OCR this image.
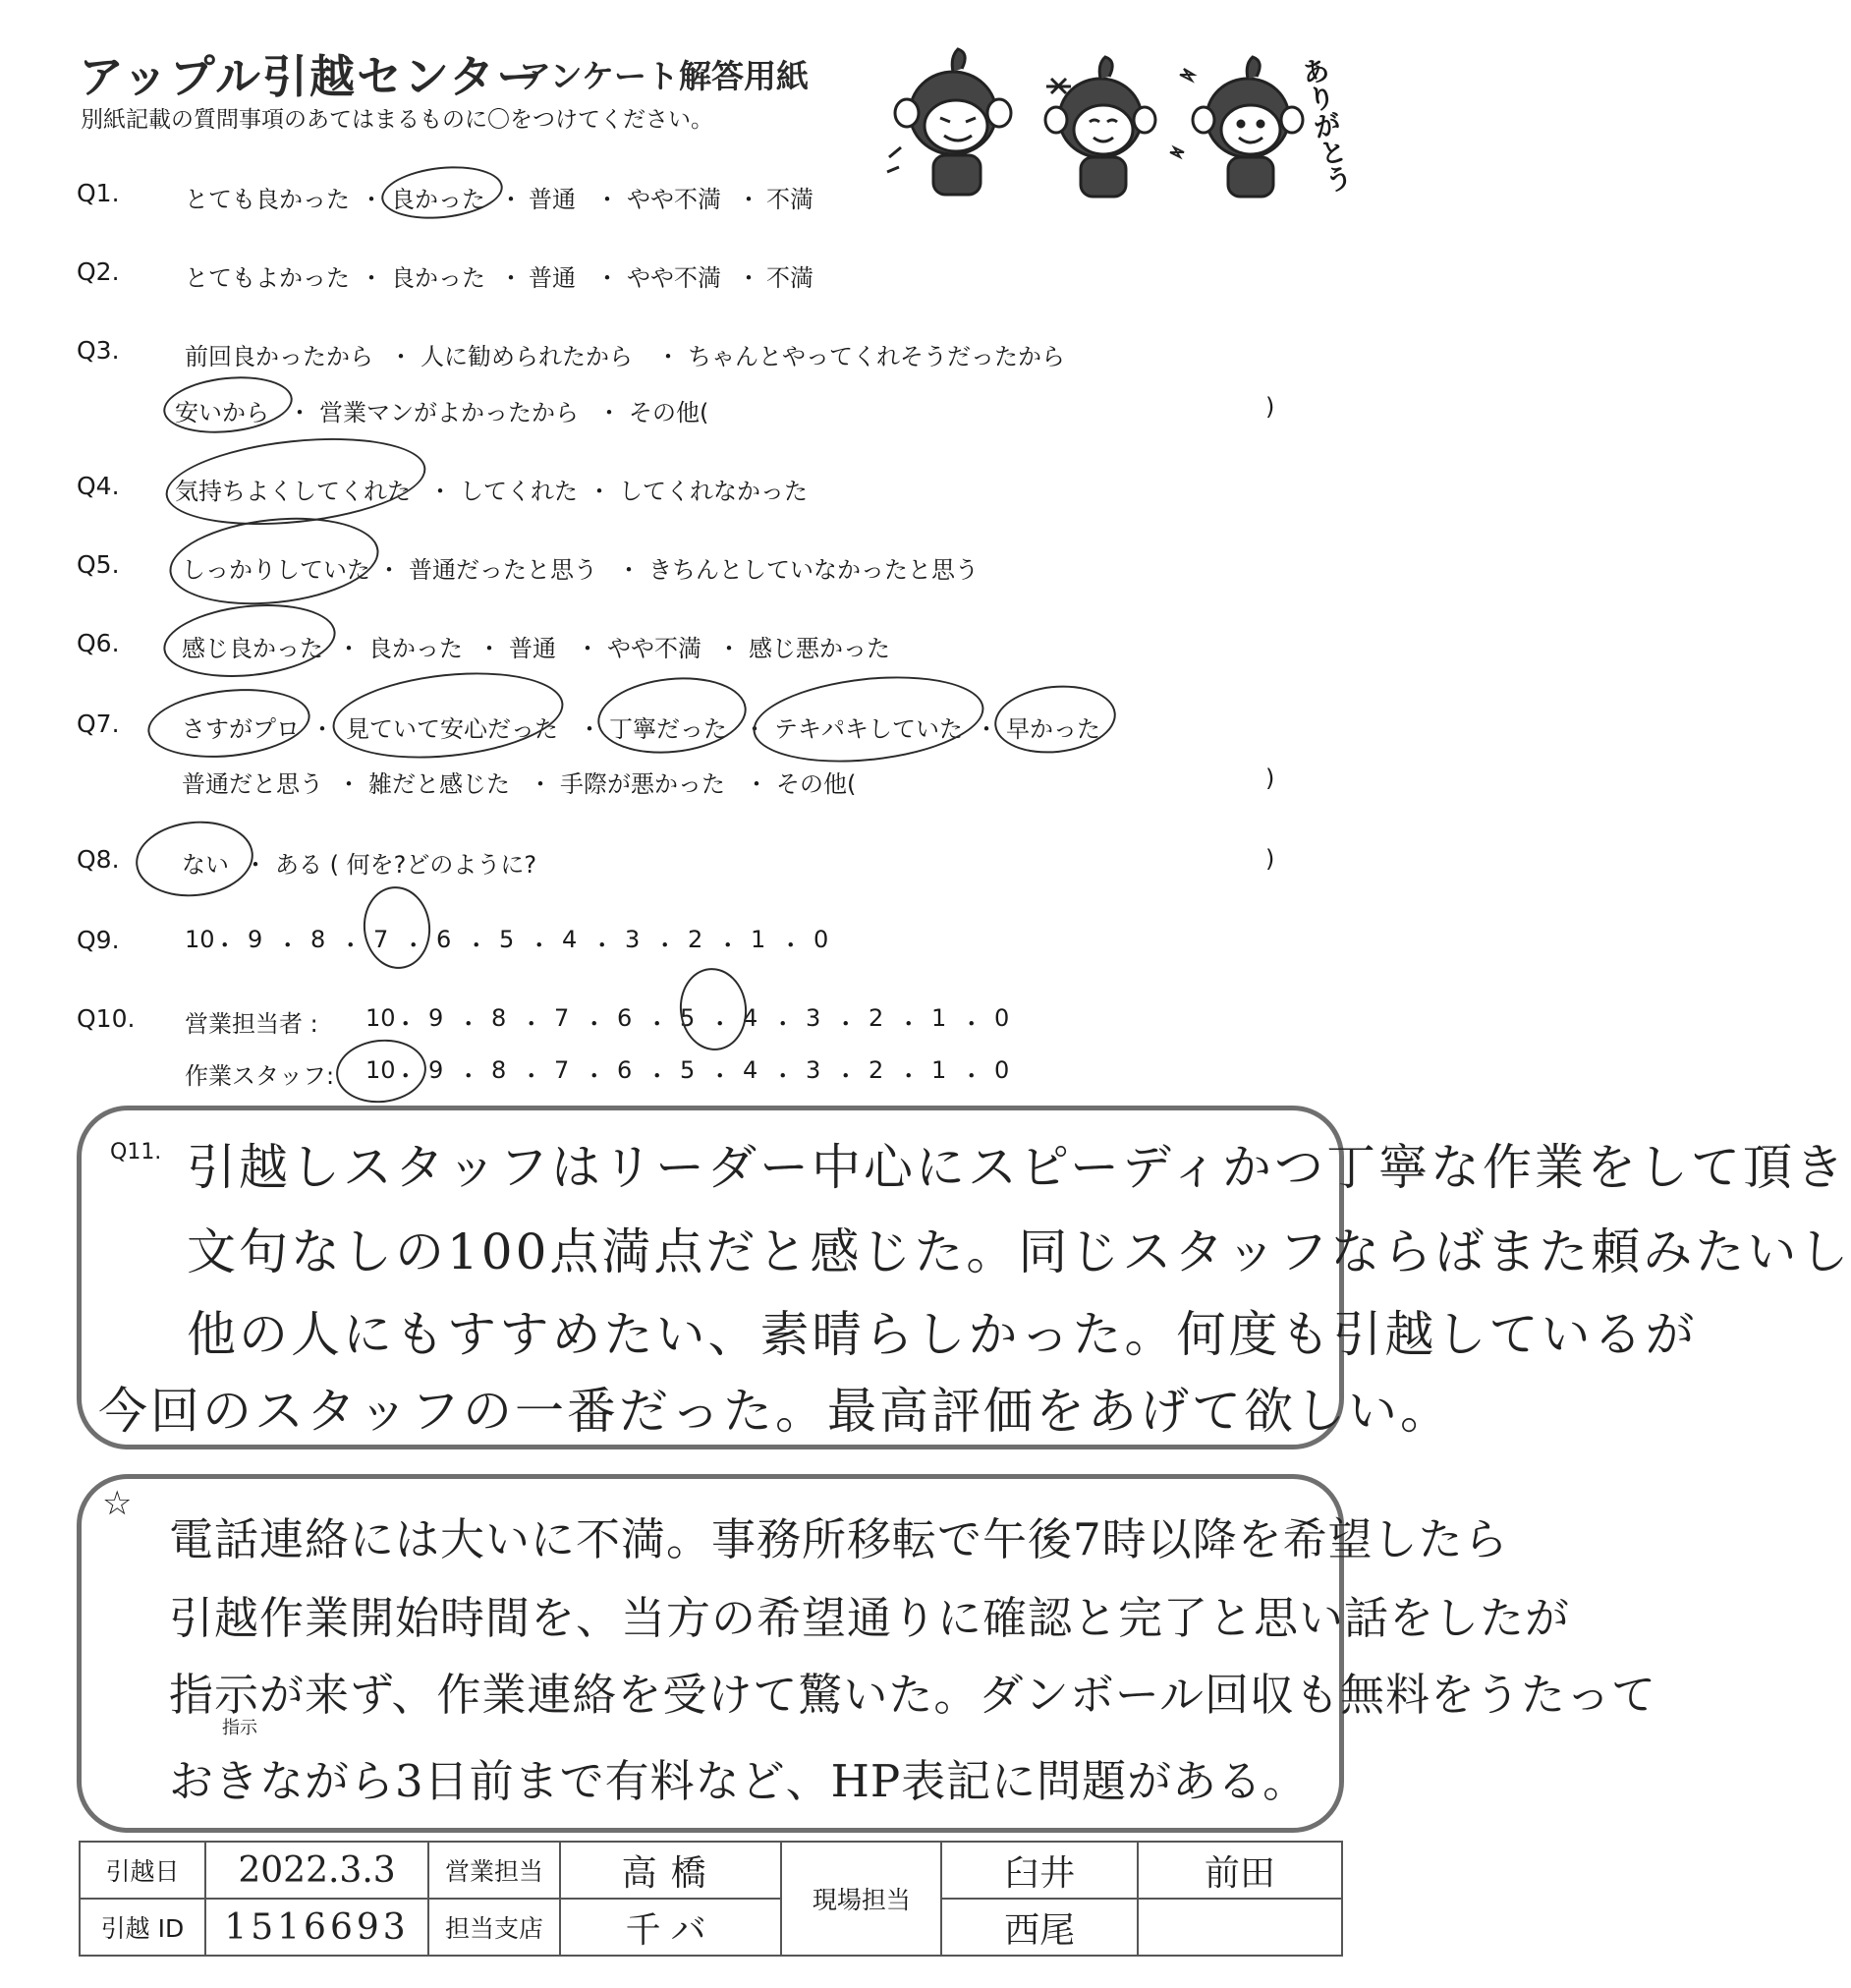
アップル引越センター
アンケート解答用紙
別紙記載の質問事項のあてはまるものに〇をつけてください。	ありがとう
Q1.	とても良かった 良かった 普通 やや不満 不満
・	・	・	・
Q2.	とてもよかった 良かった 普通 やや不満 不満
・	・	・	・
Q3.	前回良かったから 人に勧められたから ちゃんとやってくれそうだったから
・	・
安いから 営業マンがよかったから その他(	)
・	・
Q4. 気持ちよくしてくれた してくれた してくれなかった
・	・
Q5.	しっかりしていた 普通だったと思う きちんとしていなかったと思う
・	・
Q6.	感じ良かった 良かった 普通 やや不満 感じ悪かった
・	・	・	・
Q7.	さすがプロ 見ていて安心だった 丁寧だった テキパキしていた 早かった
・	・	・	・
普通だと思う 雑だと感じた 手際が悪かった その他(	)
・	・	・
Q8.	ない ある ( 何を?どのように?	)
・
Q9.	10
・ 9 ・ 8 ・ 7 ・ 6 ・ 5 ・ 4 ・ 3 ・ 2 ・ 1 ・ 0
Q10. 営業担当者 : 10
・ 9 ・ 8 ・ 7 ・ 6 ・ 5 ・ 4 ・ 3 ・ 2 ・ 1 ・ 0
作業スタッフ: 10
・ 9 ・ 8 ・ 7 ・ 6 ・ 5 ・ 4 ・ 3 ・ 2 ・ 1 ・ 0
Q11. 引越しスタッフはリーダー中心にスピーディかつ丁寧な作業をして頂き
文句なしの100点満点だと感じた。同じスタッフならばまた頼みたいし
他の人にもすすめたい、素晴らしかった。何度も引越しているが
今回のスタッフの一番だった。最高評価をあげて欲しい。
☆
電話連絡には大いに不満。事務所移転で午後7時以降を希望したら
引越作業開始時間を、当方の希望通りに確認と完了と思い話をしたが
指示が来ず、作業連絡を受けて驚いた。ダンボール回収も無料をうたって
おきながら3日前まで有料など、HP表記に問題がある。
指示
引越日	2022.3.3	営業担当	高橋	現場担当	臼井	前田
引越 ID	1516693	担当支店	千バ		西尾	
